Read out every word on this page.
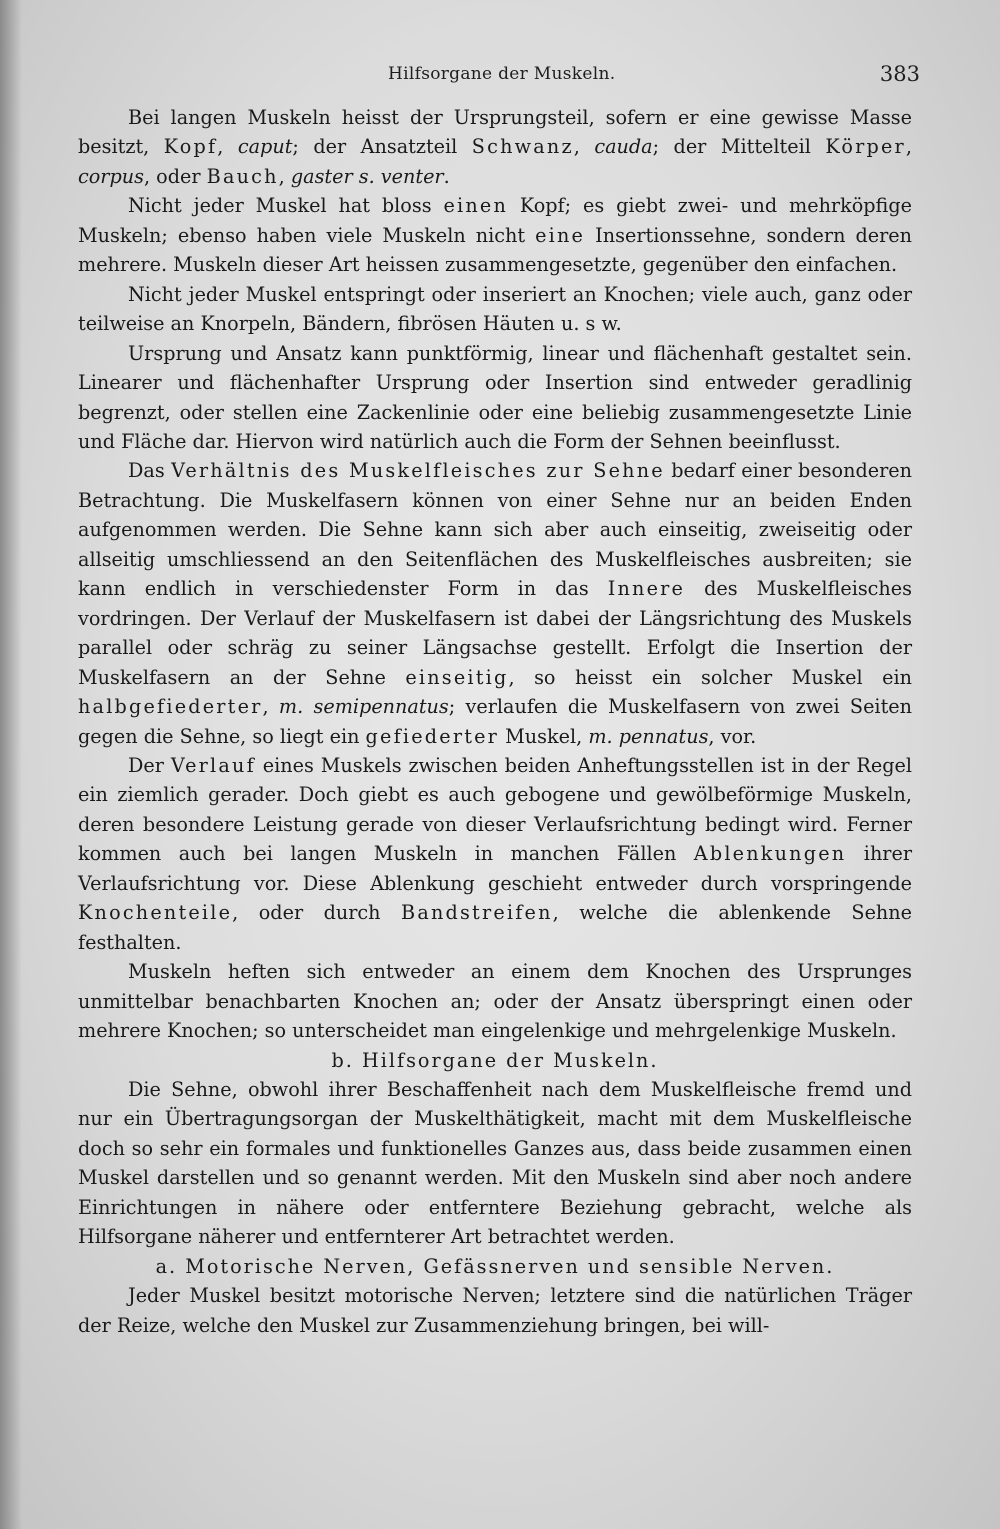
Hilfsorgane der Muskeln.	383

Bei langen Muskeln heisst der Ursprungsteil, sofern er eine gewisse Masse besitzt, Kopf, caput; der Ansatzteil Schwanz, cauda; der Mittelteil Körper, corpus, oder Bauch, gaster s. venter.

Nicht jeder Muskel hat bloss einen Kopf; es giebt zwei- und mehrköpfige Muskeln; ebenso haben viele Muskeln nicht eine Insertionssehne, sondern deren mehrere. Muskeln dieser Art heissen zusammengesetzte, gegenüber den einfachen.

Nicht jeder Muskel entspringt oder inseriert an Knochen; viele auch, ganz oder teilweise an Knorpeln, Bändern, fibrösen Häuten u. s w.

Ursprung und Ansatz kann punktförmig, linear und flächenhaft gestaltet sein. Linearer und flächenhafter Ursprung oder Insertion sind entweder geradlinig begrenzt, oder stellen eine Zackenlinie oder eine beliebig zusammengesetzte Linie und Fläche dar. Hiervon wird natürlich auch die Form der Sehnen beeinflusst.

Das Verhältnis des Muskelfleisches zur Sehne bedarf einer besonderen Betrachtung. Die Muskelfasern können von einer Sehne nur an beiden Enden aufgenommen werden. Die Sehne kann sich aber auch einseitig, zweiseitig oder allseitig umschliessend an den Seitenflächen des Muskelfleisches ausbreiten; sie kann endlich in verschiedenster Form in das Innere des Muskelfleisches vordringen. Der Verlauf der Muskelfasern ist dabei der Längsrichtung des Muskels parallel oder schräg zu seiner Längsachse gestellt. Erfolgt die Insertion der Muskelfasern an der Sehne einseitig, so heisst ein solcher Muskel ein halbgefiederter, m. semipennatus; verlaufen die Muskelfasern von zwei Seiten gegen die Sehne, so liegt ein gefiederter Muskel, m. pennatus, vor.

Der Verlauf eines Muskels zwischen beiden Anheftungsstellen ist in der Regel ein ziemlich gerader. Doch giebt es auch gebogene und gewölbeförmige Muskeln, deren besondere Leistung gerade von dieser Verlaufsrichtung bedingt wird. Ferner kommen auch bei langen Muskeln in manchen Fällen Ablenkungen ihrer Verlaufsrichtung vor. Diese Ablenkung geschieht entweder durch vorspringende Knochenteile, oder durch Bandstreifen, welche die ablenkende Sehne festhalten.

Muskeln heften sich entweder an einem dem Knochen des Ursprunges unmittelbar benachbarten Knochen an; oder der Ansatz überspringt einen oder mehrere Knochen; so unterscheidet man eingelenkige und mehrgelenkige Muskeln.

b. Hilfsorgane der Muskeln.

Die Sehne, obwohl ihrer Beschaffenheit nach dem Muskelfleische fremd und nur ein Übertragungsorgan der Muskelthätigkeit, macht mit dem Muskelfleische doch so sehr ein formales und funktionelles Ganzes aus, dass beide zusammen einen Muskel darstellen und so genannt werden. Mit den Muskeln sind aber noch andere Einrichtungen in nähere oder entferntere Beziehung gebracht, welche als Hilfsorgane näherer und entfernterer Art betrachtet werden.

a. Motorische Nerven, Gefässnerven und sensible Nerven.

Jeder Muskel besitzt motorische Nerven; letztere sind die natürlichen Träger der Reize, welche den Muskel zur Zusammenziehung bringen, bei will-
